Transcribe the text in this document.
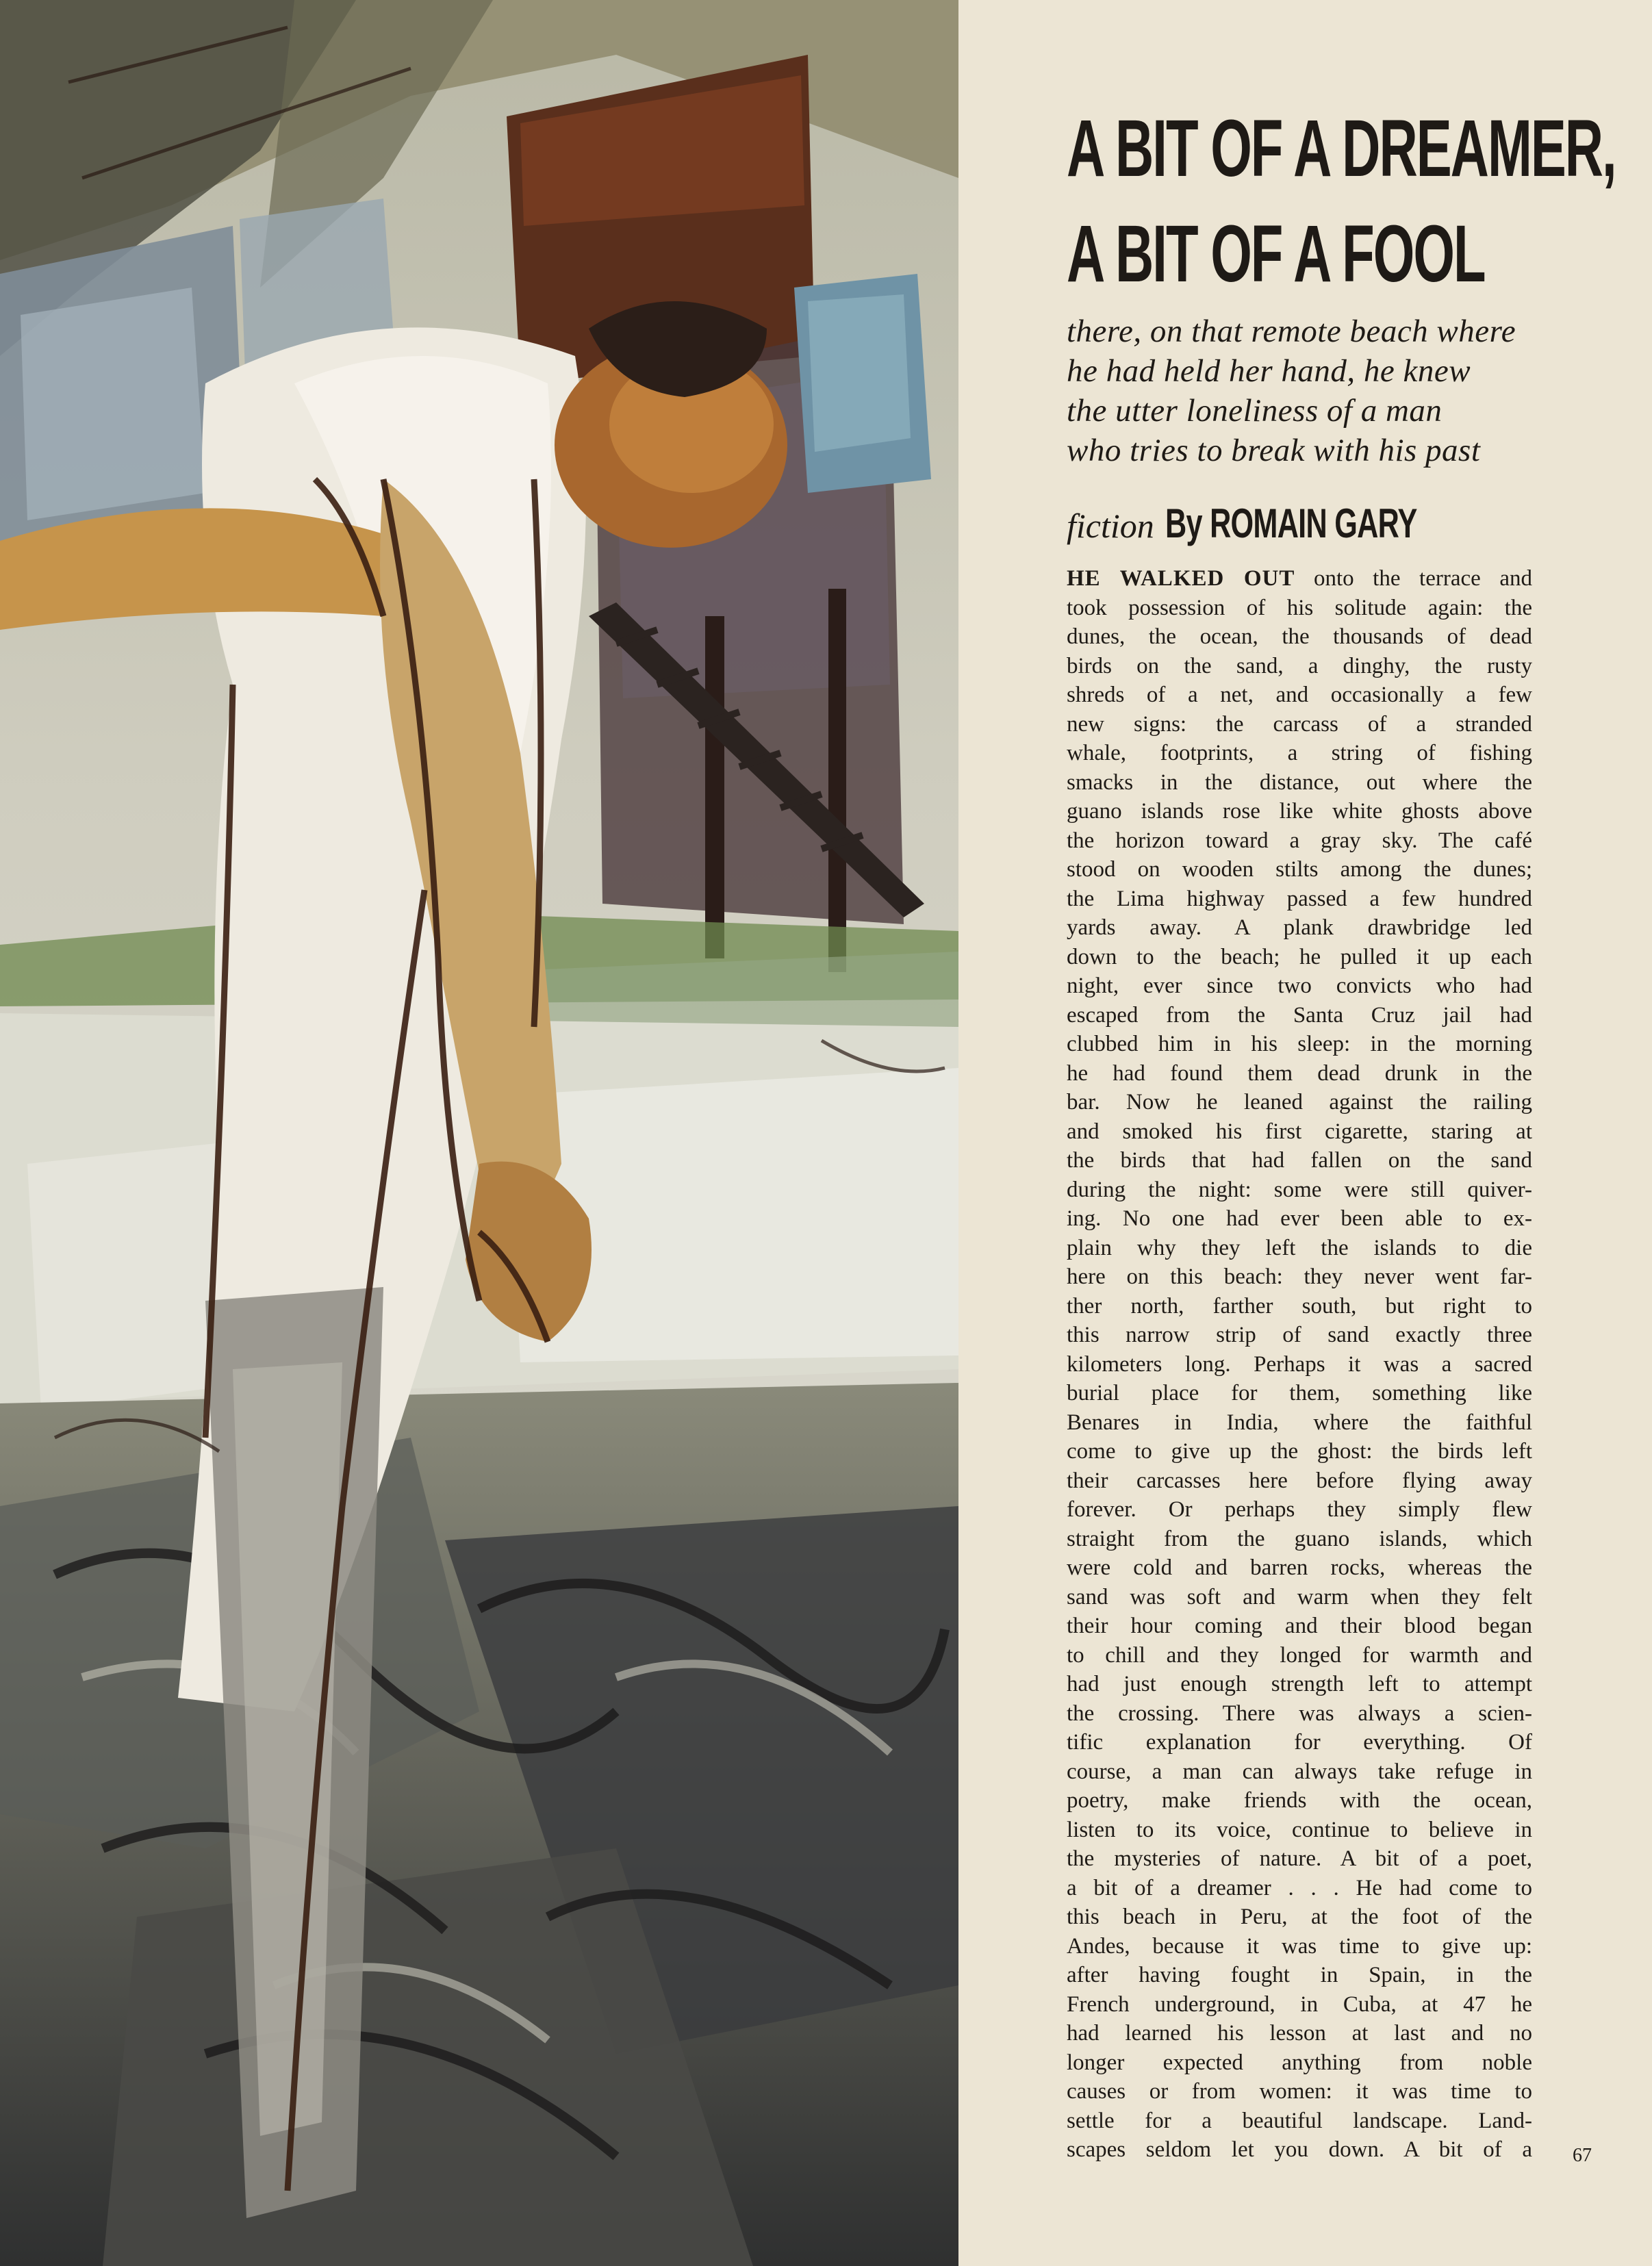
A BIT OF A DREAMER,
A BIT OF A FOOL

there, on that remote beach where
he had held her hand, he knew
the utter loneliness of a man
who tries to break with his past

fiction By ROMAIN GARY
HE WALKED OUT onto the terrace and
took possession of his solitude again: the
dunes, the ocean, the thousands of dead
birds on the sand, a dinghy, the rusty
shreds of a net, and occasionally a few
new signs: the carcass of a stranded
whale, footprints, a string of fishing
smacks in the distance, out where the
guano islands rose like white ghosts above
the horizon toward a gray sky. The café
stood on wooden stilts among the dunes;
the Lima highway passed a few hundred
yards away. A plank drawbridge led
down to the beach; he pulled it up each
night, ever since two convicts who had
escaped from the Santa Cruz jail had
clubbed him in his sleep: in the morning
he had found them dead drunk in the
bar. Now he leaned against the railing
and smoked his first cigarette, staring at
the birds that had fallen on the sand
during the night: some were still quiver-
ing. No one had ever been able to ex-
plain why they left the islands to die
here on this beach: they never went far-
ther north, farther south, but right to
this narrow strip of sand exactly three
kilometers long. Perhaps it was a sacred
burial place for them, something like
Benares in India, where the faithful
come to give up the ghost: the birds left
their carcasses here before flying away
forever. Or perhaps they simply flew
straight from the guano islands, which
were cold and barren rocks, whereas the
sand was soft and warm when they felt
their hour coming and their blood began
to chill and they longed for warmth and
had just enough strength left to attempt
the crossing. There was always a scien-
tific explanation for everything. Of
course, a man can always take refuge in
poetry, make friends with the ocean,
listen to its voice, continue to believe in
the mysteries of nature. A bit of a poet,
a bit of a dreamer . . . He had come to
this beach in Peru, at the foot of the
Andes, because it was time to give up:
after having fought in Spain, in the
French underground, in Cuba, at 47 he
had learned his lesson at last and no
longer expected anything from noble
causes or from women: it was time to
settle for a beautiful landscape. Land-
scapes seldom let you down. A bit of a 67
